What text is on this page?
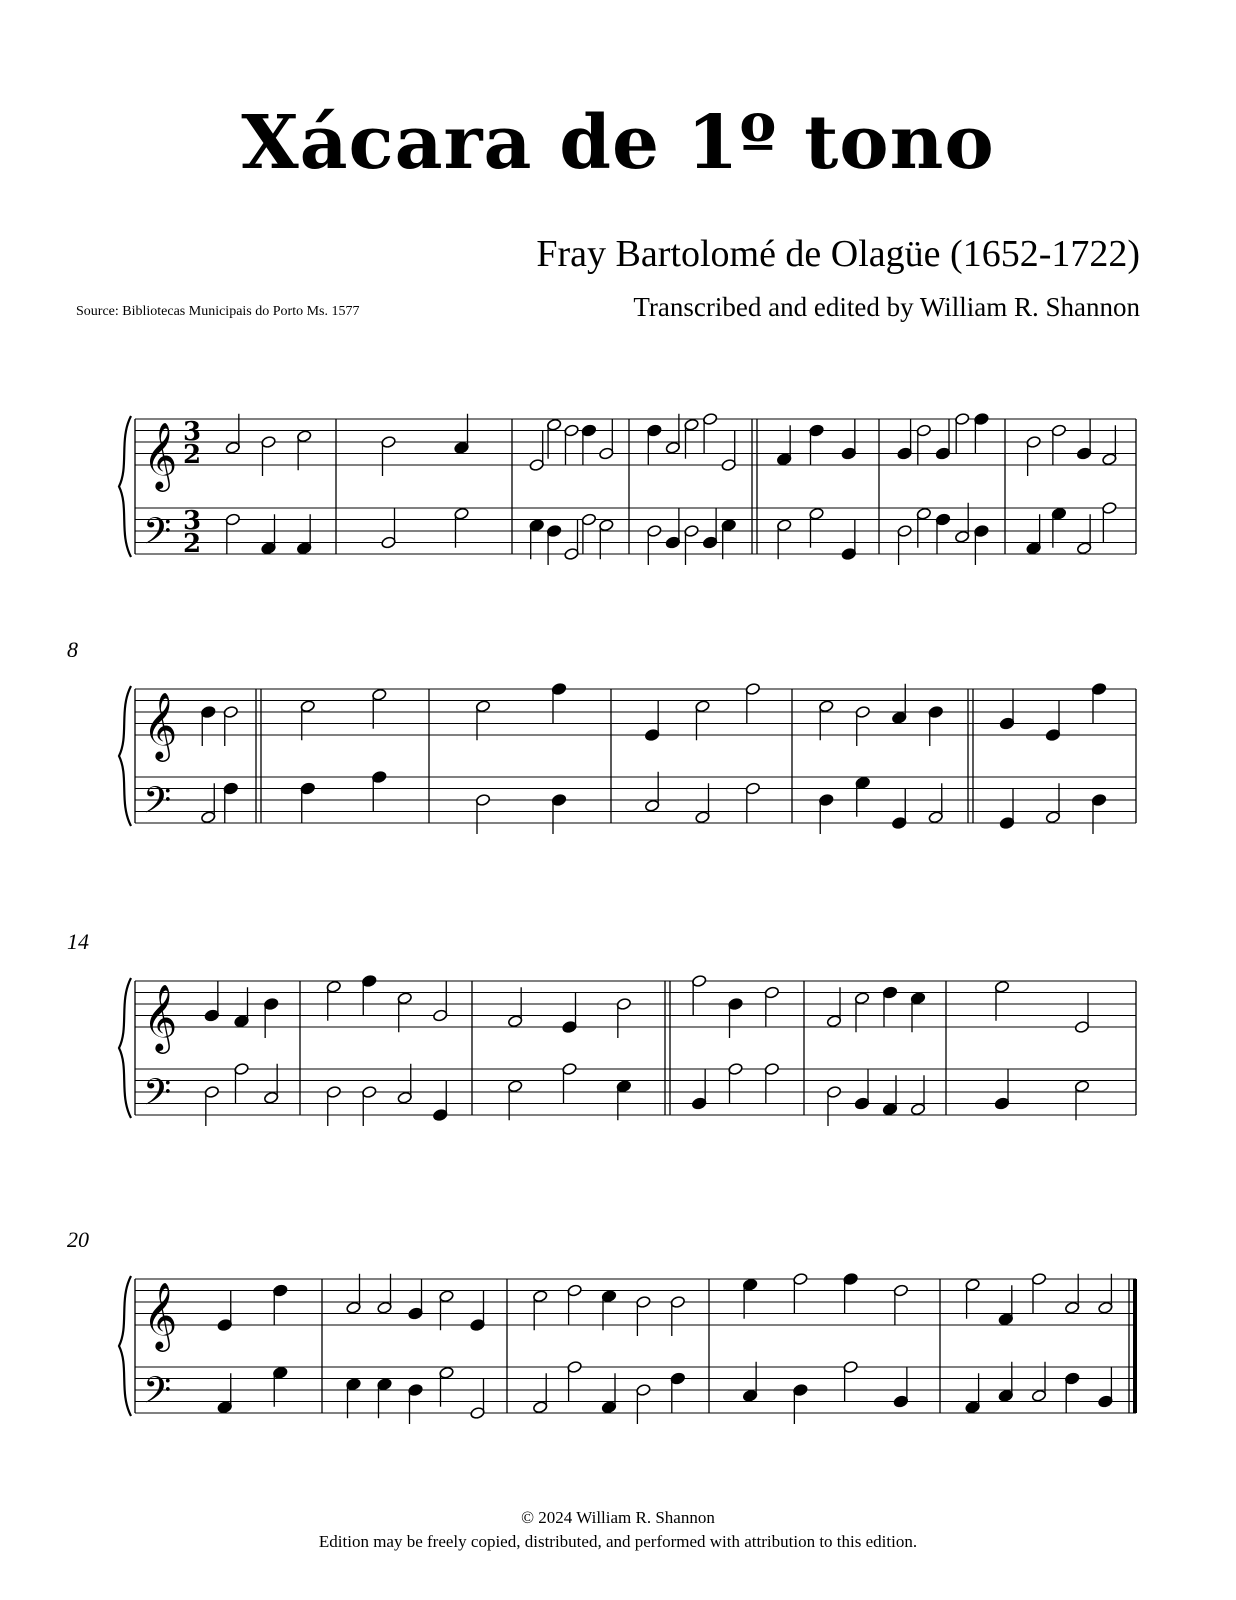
Xácara de 1º tono
Fray Bartolomé de Olagüe (1652-1722)
Source: Bibliotecas Municipais do Porto Ms. 1577	Transcribed and edited by William R. Shannon
𝄞
𝄢
3
2
3
2
𝄞
𝄢
8
𝄞
𝄢
14
𝄞
𝄢
20
© 2024 William R. Shannon
Edition may be freely copied, distributed, and performed with attribution to this edition.
